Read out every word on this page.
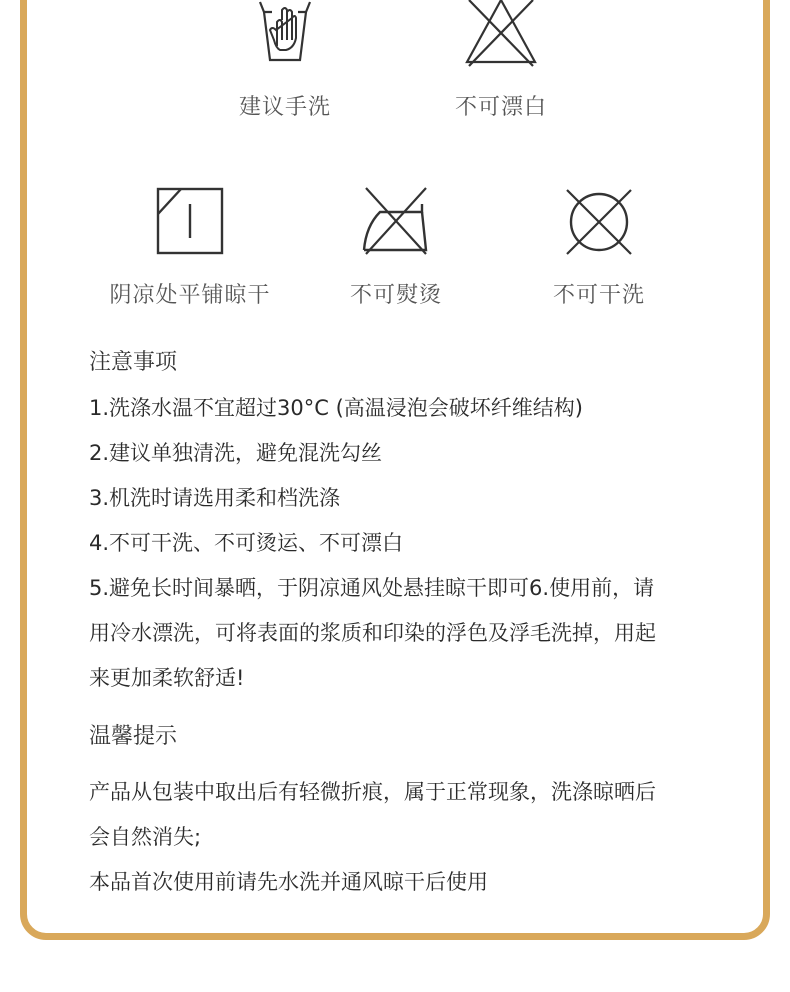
建议手洗	不可漂白
阴凉处平铺晾干	不可熨烫	不可干洗
注意事项
1.洗涤水温不宜超过30°C (高温浸泡会破坏纤维结构)
2.建议单独清洗，避免混洗勾丝
3.机洗时请选用柔和档洗涤
4.不可干洗、不可烫运、不可漂白
5.避免长时间暴晒，于阴凉通风处悬挂晾干即可6.使用前，请
用冷水漂洗，可将表面的浆质和印染的浮色及浮毛洗掉，用起
来更加柔软舒适!
温馨提示
产品从包装中取出后有轻微折痕，属于正常现象，洗涤晾晒后
会自然消失;
本品首次使用前请先水洗并通风晾干后使用
